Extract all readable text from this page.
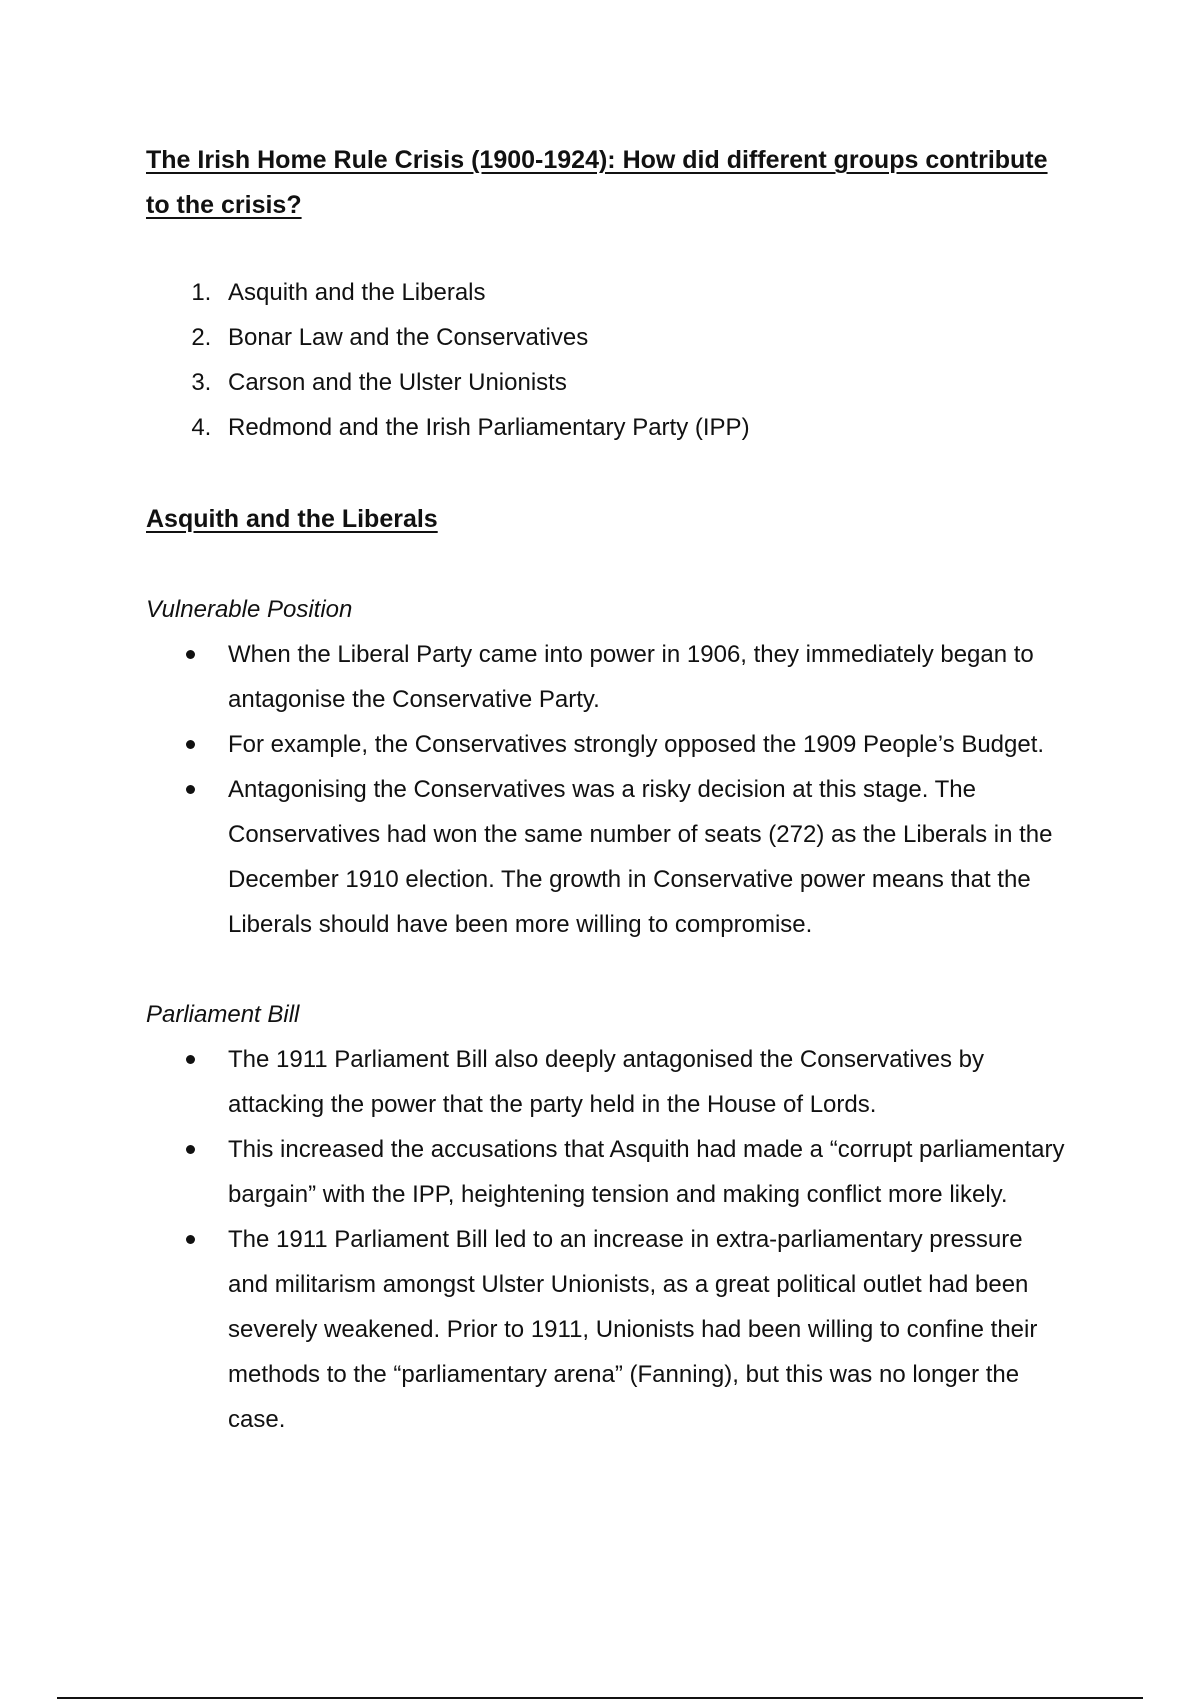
The Irish Home Rule Crisis (1900-1924): How did different groups contribute to the crisis?
1. Asquith and the Liberals
2. Bonar Law and the Conservatives
3. Carson and the Ulster Unionists
4. Redmond and the Irish Parliamentary Party (IPP)
Asquith and the Liberals
Vulnerable Position
When the Liberal Party came into power in 1906, they immediately began to antagonise the Conservative Party.
For example, the Conservatives strongly opposed the 1909 People’s Budget.
Antagonising the Conservatives was a risky decision at this stage. The Conservatives had won the same number of seats (272) as the Liberals in the December 1910 election. The growth in Conservative power means that the Liberals should have been more willing to compromise.
Parliament Bill
The 1911 Parliament Bill also deeply antagonised the Conservatives by attacking the power that the party held in the House of Lords.
This increased the accusations that Asquith had made a “corrupt parliamentary bargain” with the IPP, heightening tension and making conflict more likely.
The 1911 Parliament Bill led to an increase in extra-parliamentary pressure and militarism amongst Ulster Unionists, as a great political outlet had been severely weakened. Prior to 1911, Unionists had been willing to confine their methods to the “parliamentary arena” (Fanning), but this was no longer the case.
